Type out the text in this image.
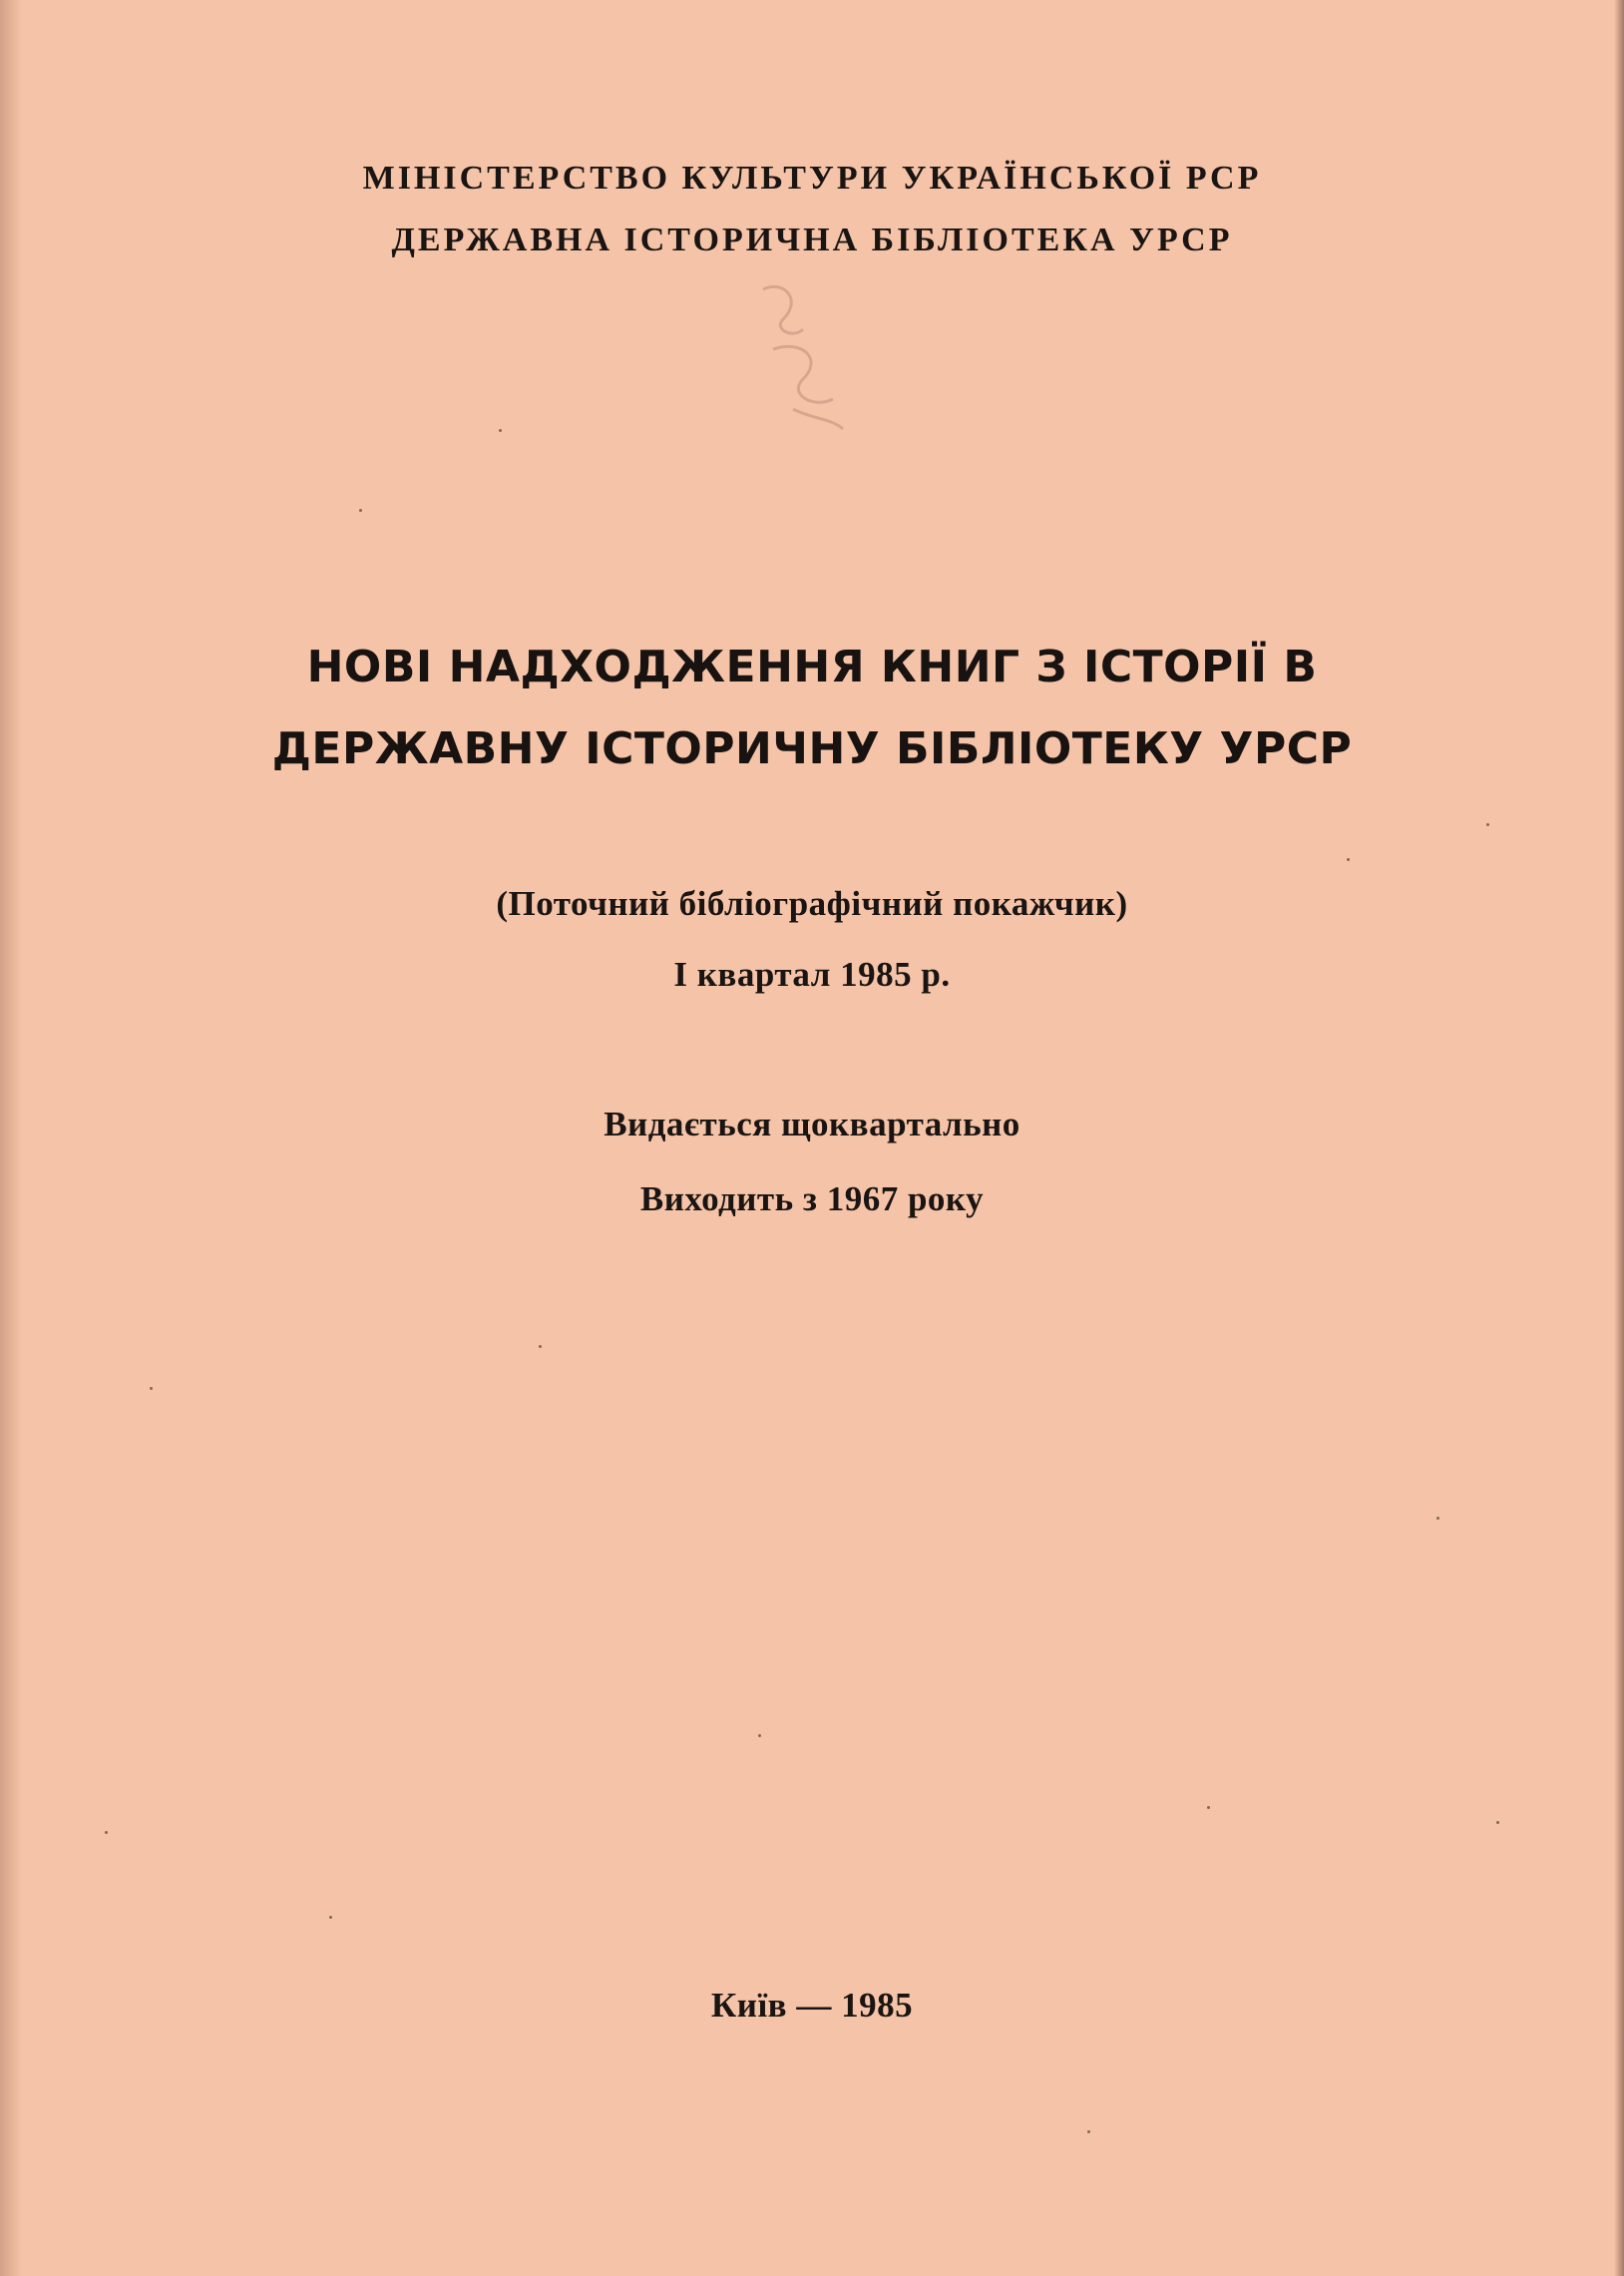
МІНІСТЕРСТВО КУЛЬТУРИ УКРАЇНСЬКОЇ РСР
ДЕРЖАВНА ІСТОРИЧНА БІБЛІОТЕКА УРСР
НОВІ НАДХОДЖЕННЯ КНИГ З ІСТОРІЇ В
ДЕРЖАВНУ ІСТОРИЧНУ БІБЛІОТЕКУ УРСР
(Поточний бібліографічний покажчик)
I квартал 1985 р.
Видається щоквартально
Виходить з 1967 року
Київ — 1985
